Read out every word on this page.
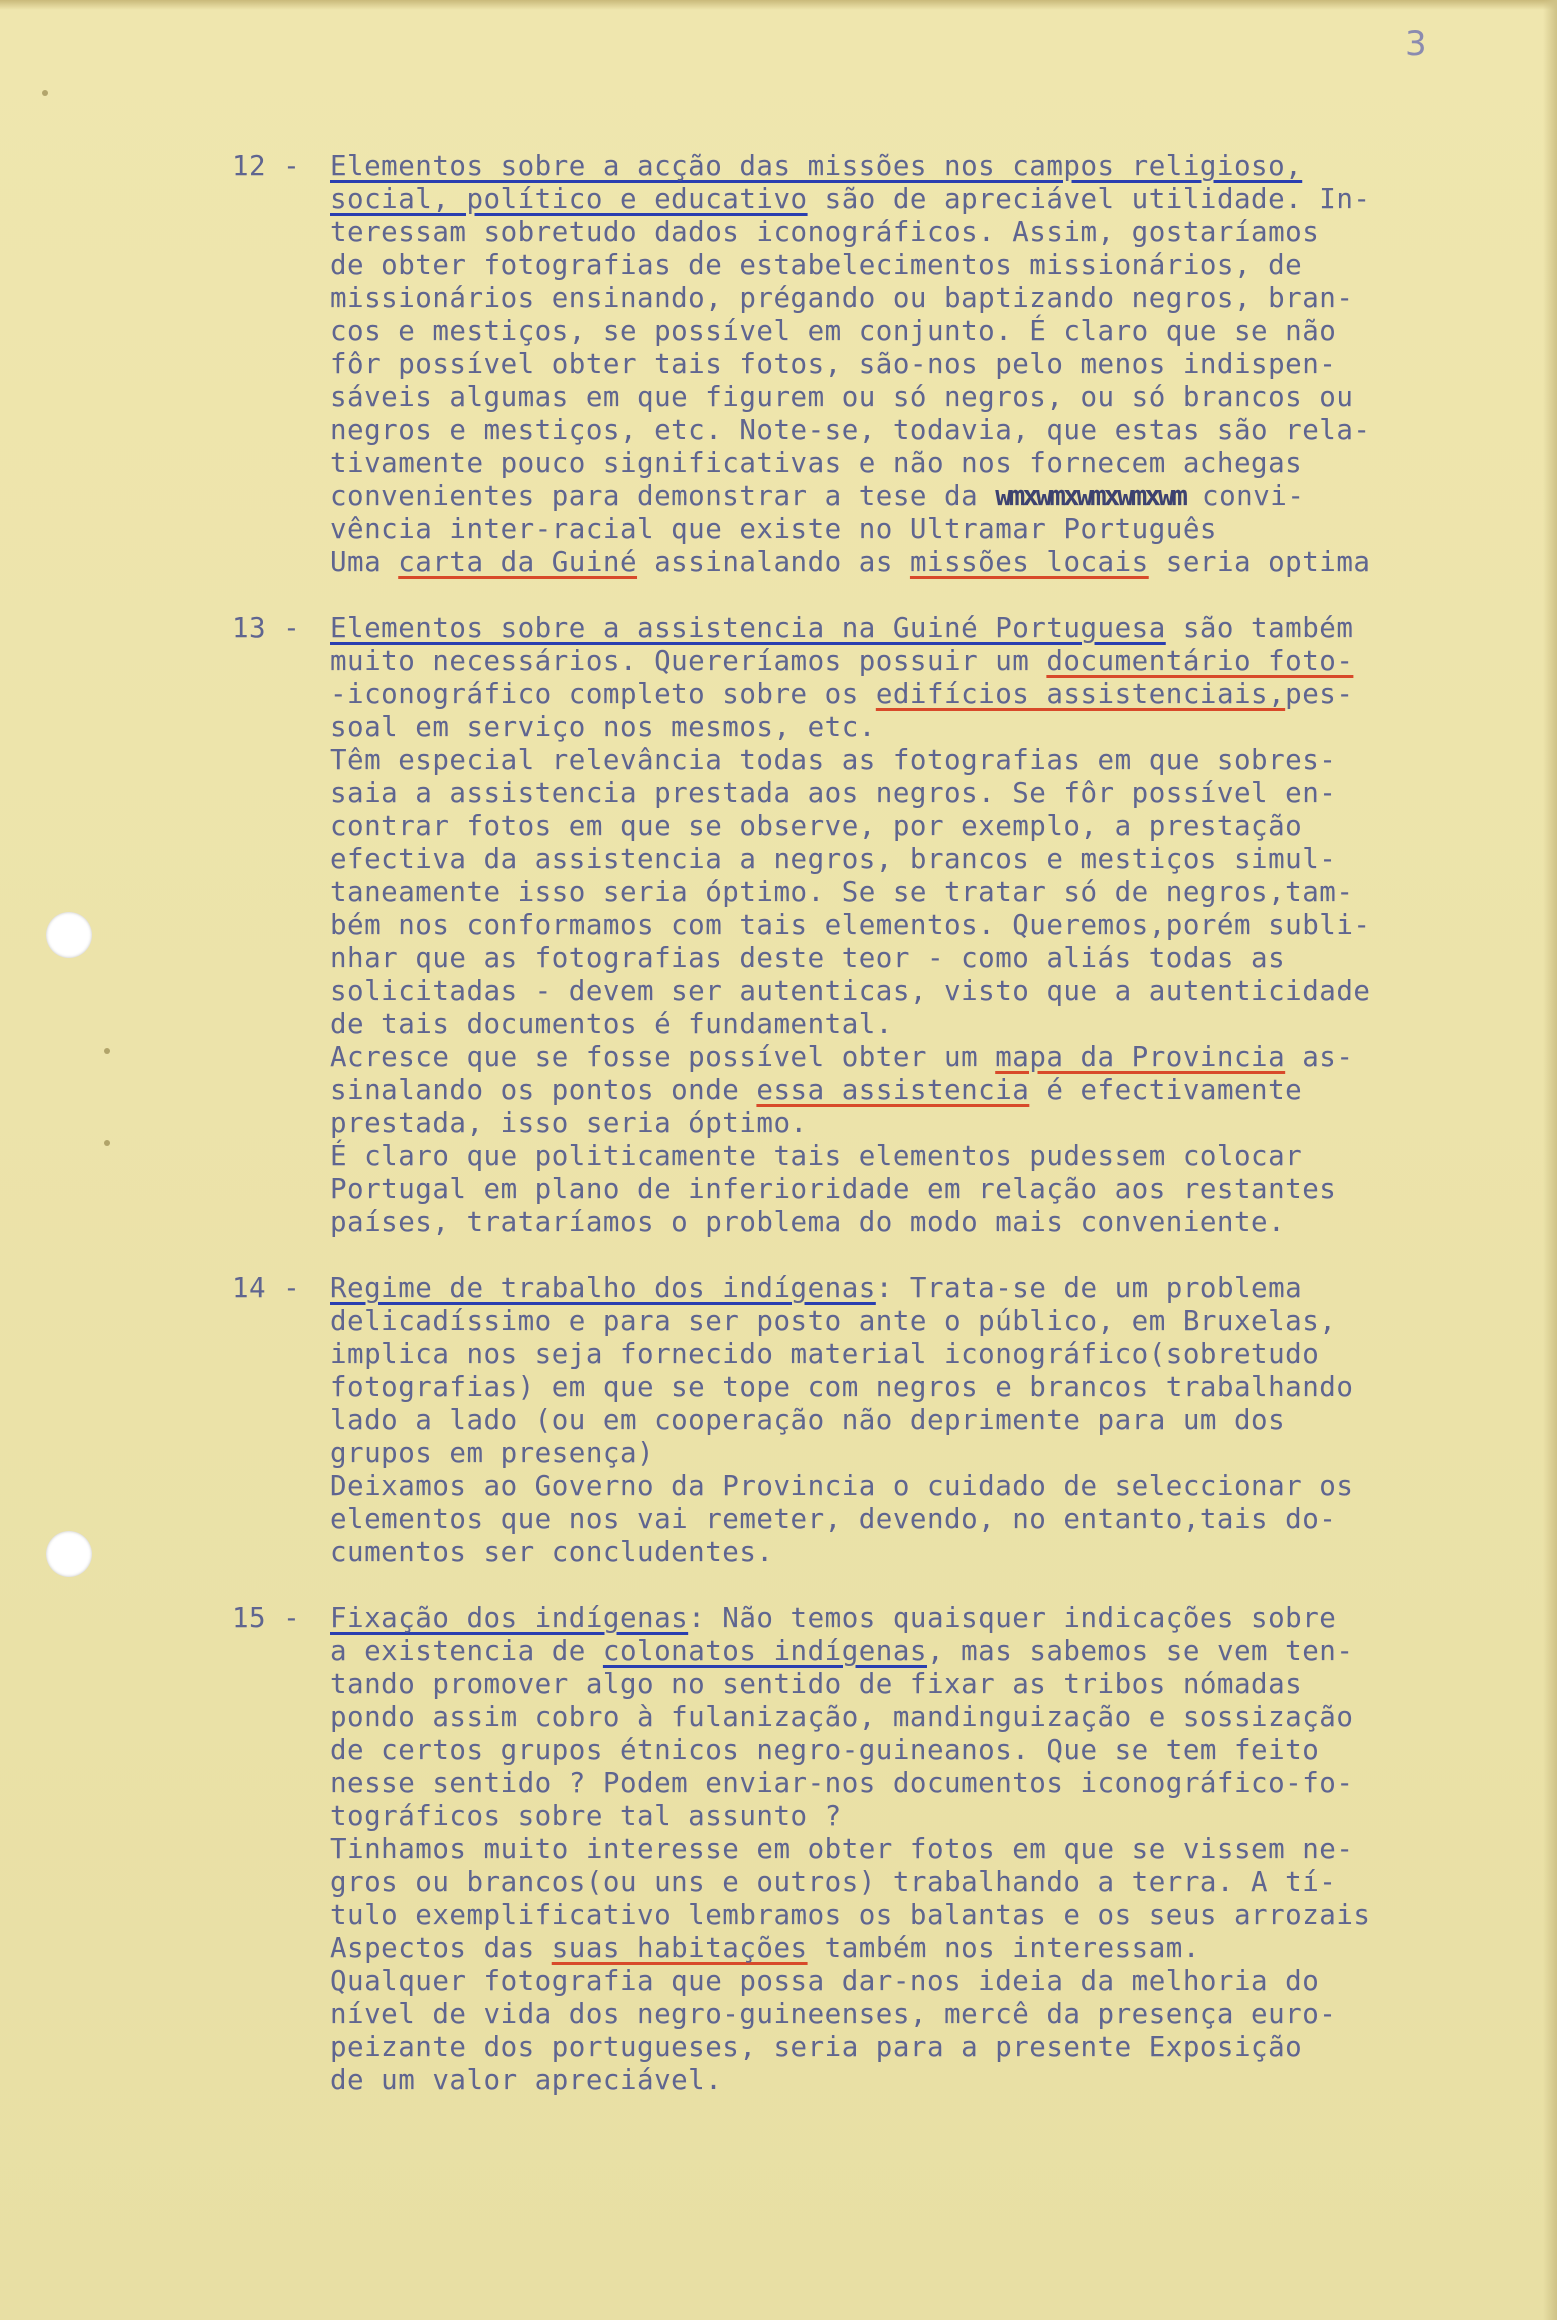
3
12 - Elementos sobre a acção das missões nos campos religioso,
social, político e educativo são de apreciável utilidade. In-
teressam sobretudo dados iconográficos. Assim, gostaríamos
de obter fotografias de estabelecimentos missionários, de
missionários ensinando, prégando ou baptizando negros, bran-
cos e mestiços, se possível em conjunto. É claro que se não
fôr possível obter tais fotos, são-nos pelo menos indispen-
sáveis algumas em que figurem ou só negros, ou só brancos ou
negros e mestiços, etc. Note-se, todavia, que estas são rela-
tivamente pouco significativas e não nos fornecem achegas
convenientes para demonstrar a tese da wmxwmxwmxwmxwm convi-
vência inter-racial que existe no Ultramar Português
Uma carta da Guiné assinalando as missões locais seria optima
13 - Elementos sobre a assistencia na Guiné Portuguesa são também
muito necessários. Quereríamos possuir um documentário foto-
-iconográfico completo sobre os edifícios assistenciais,pes-
soal em serviço nos mesmos, etc.
Têm especial relevância todas as fotografias em que sobres-
saia a assistencia prestada aos negros. Se fôr possível en-
contrar fotos em que se observe, por exemplo, a prestação
efectiva da assistencia a negros, brancos e mestiços simul-
taneamente isso seria óptimo. Se se tratar só de negros,tam-
bém nos conformamos com tais elementos. Queremos,porém subli-
nhar que as fotografias deste teor - como aliás todas as
solicitadas - devem ser autenticas, visto que a autenticidade
de tais documentos é fundamental.
Acresce que se fosse possível obter um mapa da Provincia as-
sinalando os pontos onde essa assistencia é efectivamente
prestada, isso seria óptimo.
É claro que politicamente tais elementos pudessem colocar
Portugal em plano de inferioridade em relação aos restantes
países, trataríamos o problema do modo mais conveniente.
14 - Regime de trabalho dos indígenas: Trata-se de um problema
delicadíssimo e para ser posto ante o público, em Bruxelas,
implica nos seja fornecido material iconográfico(sobretudo
fotografias) em que se tope com negros e brancos trabalhando
lado a lado (ou em cooperação não deprimente para um dos
grupos em presença)
Deixamos ao Governo da Provincia o cuidado de seleccionar os
elementos que nos vai remeter, devendo, no entanto,tais do-
cumentos ser concludentes.
15 - Fixação dos indígenas: Não temos quaisquer indicações sobre
a existencia de colonatos indígenas, mas sabemos se vem ten-
tando promover algo no sentido de fixar as tribos nómadas
pondo assim cobro à fulanização, mandinguização e sossização
de certos grupos étnicos negro-guineanos. Que se tem feito
nesse sentido ? Podem enviar-nos documentos iconográfico-fo-
tográficos sobre tal assunto ?
Tinhamos muito interesse em obter fotos em que se vissem ne-
gros ou brancos(ou uns e outros) trabalhando a terra. A tí-
tulo exemplificativo lembramos os balantas e os seus arrozais
Aspectos das suas habitações também nos interessam.
Qualquer fotografia que possa dar-nos ideia da melhoria do
nível de vida dos negro-guineenses, mercê da presença euro-
peizante dos portugueses, seria para a presente Exposição
de um valor apreciável.
